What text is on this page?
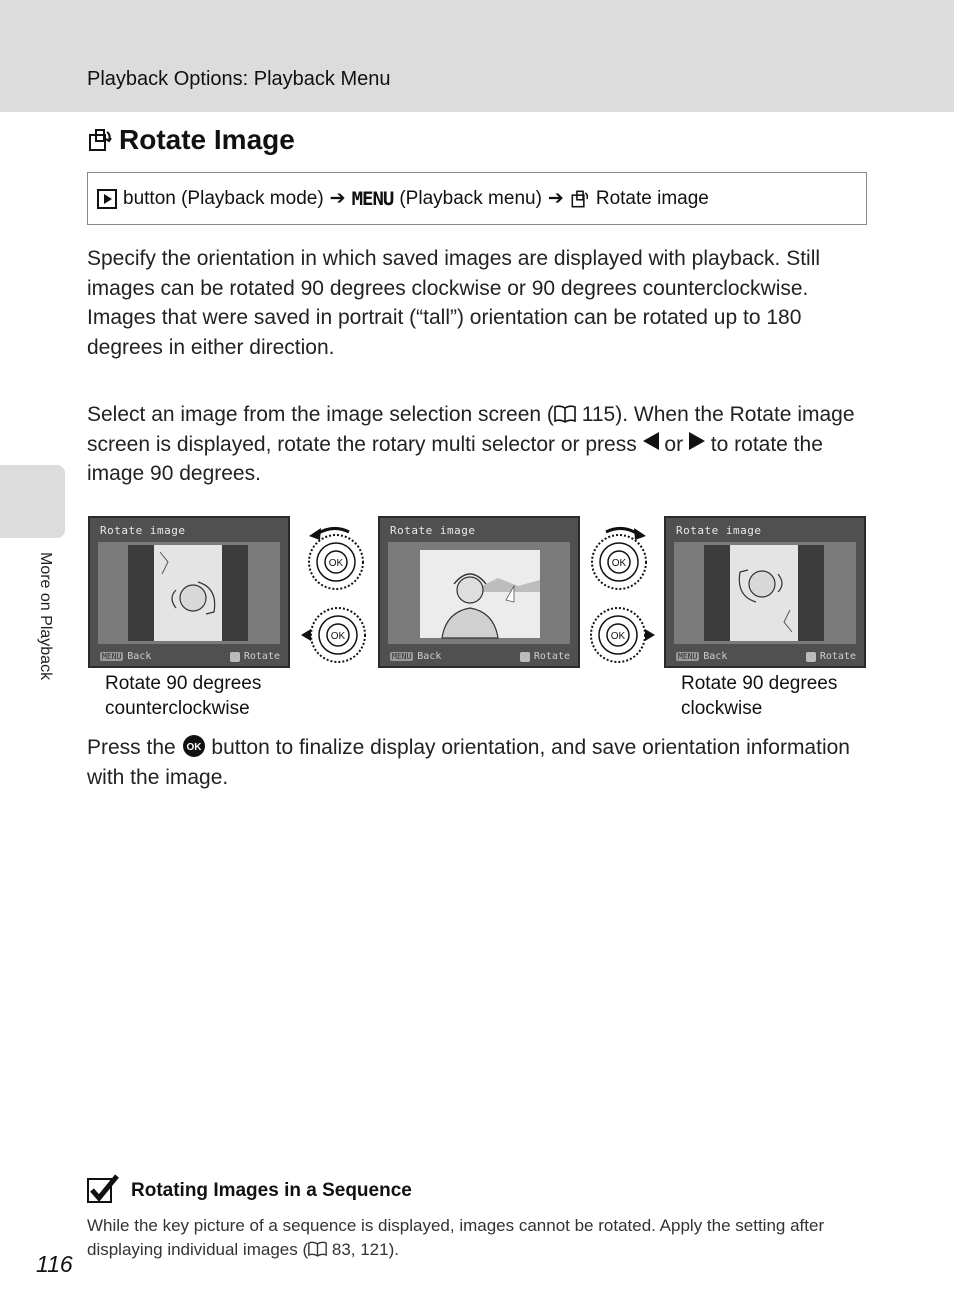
Playback Options: Playback Menu
More on Playback
Rotate Image
button (Playback mode) ➔ MENU (Playback menu) ➔ Rotate image

Specify the orientation in which saved images are displayed with playback. Still images can be rotated 90 degrees clockwise or 90 degrees counterclockwise. Images that were saved in portrait (“tall”) orientation can be rotated up to 180 degrees in either direction.

Select an image from the image selection screen ( 115). When the Rotate image screen is displayed, rotate the rotary multi selector or press or to rotate the image 90 degrees.

Rotate image
MENU Back	Rotate
Rotate image
MENU Back	Rotate
Rotate image
MENU Back	Rotate
OK
OK
OK
OK
Rotate 90 degrees
counterclockwise
Rotate 90 degrees
clockwise

Press the OK button to finalize display orientation, and save orientation information with the image.

Rotating Images in a Sequence

While the key picture of a sequence is displayed, images cannot be rotated. Apply the setting after displaying individual images ( 83, 121).

116
